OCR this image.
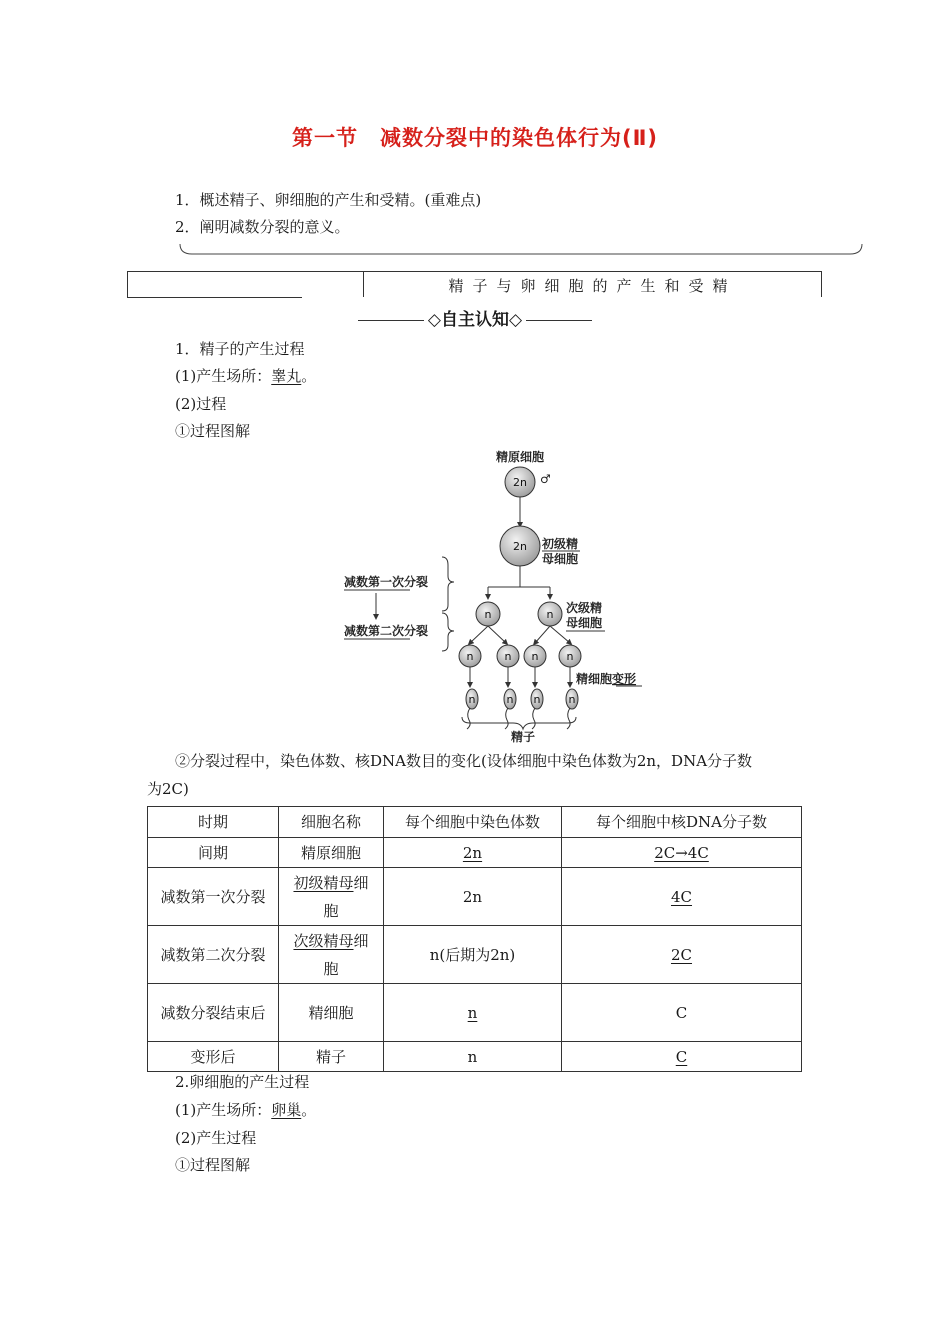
第一节　减数分裂中的染色体行为(Ⅱ)
1．概述精子、卵细胞的产生和受精。(重难点)
2．阐明减数分裂的意义。
精子与卵细胞的产生和受精
◇自主认知◇
1．精子的产生过程
(1)产生场所：睾丸。
(2)过程
①过程图解
精原细胞
2n ♂
2n 初级精
母细胞
n	n 次级精
母细胞
n	n n	n
精细胞变形
n	n n	n
精子
减数第一次分裂
减数第二次分裂
②分裂过程中，染色体数、核DNA数目的变化(设体细胞中染色体数为2n，DNA分子数
为2C)
时期	细胞名称	每个细胞中染色体数	每个细胞中核DNA分子数
间期	精原细胞	2n	2C→4C

减数第一次分裂	初级精母细胞	2n	4C

减数第二次分裂	次级精母细胞	n(后期为2n)	2C

减数分裂结束后	精细胞	n	C
变形后	精子	n	C
2.卵细胞的产生过程
(1)产生场所：卵巢。
(2)产生过程
①过程图解
